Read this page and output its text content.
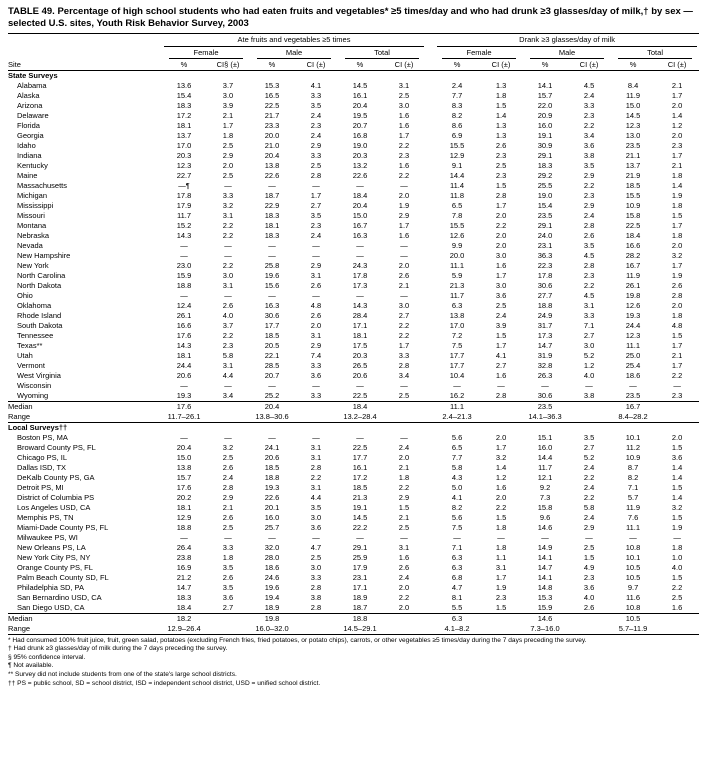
TABLE 49. Percentage of high school students who had eaten fruits and vegetables* ≥5 times/day and who had drunk ≥3 glasses/day of milk,† by sex — selected U.S. sites, Youth Risk Behavior Survey, 2003

	Ate fruits and vegetables ≥5 times							Drank ≥3 glasses/day of milk					

	Female		Male		Total			Female		Male		Total	

Site	%	CI§ (±)	%	CI (±)	%	CI (±)		%	CI (±)	%	CI (±)	%	CI (±)
State Surveys													
Alabama	13.6	3.7	15.3	4.1	14.5	3.1		2.4	1.3	14.1	4.5	8.4	2.1
Alaska	15.4	3.0	16.5	3.3	16.1	2.5		7.7	1.8	15.7	2.4	11.9	1.7
Arizona	18.3	3.9	22.5	3.5	20.4	3.0		8.3	1.5	22.0	3.3	15.0	2.0
Delaware	17.2	2.1	21.7	2.4	19.5	1.6		8.2	1.4	20.9	2.3	14.5	1.4
Florida	18.1	1.7	23.3	2.3	20.7	1.6		8.6	1.3	16.0	2.2	12.3	1.2
Georgia	13.7	1.8	20.0	2.4	16.8	1.7		6.9	1.3	19.1	3.4	13.0	2.0
Idaho	17.0	2.5	21.0	2.9	19.0	2.2		15.5	2.6	30.9	3.6	23.5	2.3
Indiana	20.3	2.9	20.4	3.3	20.3	2.3		12.9	2.3	29.1	3.8	21.1	1.7
Kentucky	12.3	2.0	13.8	2.5	13.2	1.6		9.1	2.5	18.3	3.5	13.7	2.1
Maine	22.7	2.5	22.6	2.8	22.6	2.2		14.4	2.3	29.2	2.9	21.9	1.8
Massachusetts	—¶	—	—	—	—	—		11.4	1.5	25.5	2.2	18.5	1.4
Michigan	17.8	3.3	18.7	1.7	18.4	2.0		11.8	2.8	19.0	2.3	15.5	1.9
Mississippi	17.9	3.2	22.9	2.7	20.4	1.9		6.5	1.7	15.4	2.9	10.9	1.8
Missouri	11.7	3.1	18.3	3.5	15.0	2.9		7.8	2.0	23.5	2.4	15.8	1.5
Montana	15.2	2.2	18.1	2.3	16.7	1.7		15.5	2.2	29.1	2.8	22.5	1.7
Nebraska	14.3	2.2	18.3	2.4	16.3	1.6		12.6	2.0	24.0	2.6	18.4	1.8
Nevada	—	—	—	—	—	—		9.9	2.0	23.1	3.5	16.6	2.0
New Hampshire	—	—	—	—	—	—		20.0	3.0	36.3	4.5	28.2	3.2
New York	23.0	2.2	25.8	2.9	24.3	2.0		11.1	1.6	22.3	2.8	16.7	1.7
North Carolina	15.9	3.0	19.6	3.1	17.8	2.6		5.9	1.7	17.8	2.3	11.9	1.9
North Dakota	18.8	3.1	15.6	2.6	17.3	2.1		21.3	3.0	30.6	2.2	26.1	2.6
Ohio	—	—	—	—	—	—		11.7	3.6	27.7	4.5	19.8	2.8
Oklahoma	12.4	2.6	16.3	4.8	14.3	3.0		6.3	2.5	18.8	3.1	12.6	2.0
Rhode Island	26.1	4.0	30.6	2.6	28.4	2.7		13.8	2.4	24.9	3.3	19.3	1.8
South Dakota	16.6	3.7	17.7	2.0	17.1	2.2		17.0	3.9	31.7	7.1	24.4	4.8
Tennessee	17.6	2.2	18.5	3.1	18.1	2.2		7.2	1.5	17.3	2.7	12.3	1.5
Texas**	14.3	2.3	20.5	2.9	17.5	1.7		7.5	1.7	14.7	3.0	11.1	1.7
Utah	18.1	5.8	22.1	7.4	20.3	3.3		17.7	4.1	31.9	5.2	25.0	2.1
Vermont	24.4	3.1	28.5	3.3	26.5	2.8		17.7	2.7	32.8	1.2	25.4	1.7
West Virginia	20.6	4.4	20.7	3.6	20.6	3.4		10.4	1.6	26.3	4.0	18.6	2.2
Wisconsin	—	—	—	—	—	—		—	—	—	—	—	—
Wyoming	19.3	3.4	25.2	3.3	22.5	2.5		16.2	2.8	30.6	3.8	23.5	2.3
Median	17.6		20.4		18.4			11.1		23.5		16.7	
Range	11.7–26.1		13.8–30.6		13.2–28.4			2.4–21.3		14.1–36.3		8.4–28.2	
Local Surveys††													
Boston PS, MA	—	—	—	—	—	—		5.6	2.0	15.1	3.5	10.1	2.0
Broward County PS, FL	20.4	3.2	24.1	3.1	22.5	2.4		6.5	1.7	16.0	2.7	11.2	1.5
Chicago PS, IL	15.0	2.5	20.6	3.1	17.7	2.0		7.7	3.2	14.4	5.2	10.9	3.6
Dallas ISD, TX	13.8	2.6	18.5	2.8	16.1	2.1		5.8	1.4	11.7	2.4	8.7	1.4
DeKalb County PS, GA	15.7	2.4	18.8	2.2	17.2	1.8		4.3	1.2	12.1	2.2	8.2	1.4
Detroit PS, MI	17.6	2.8	19.3	3.1	18.5	2.2		5.0	1.6	9.2	2.4	7.1	1.5
District of Columbia PS	20.2	2.9	22.6	4.4	21.3	2.9		4.1	2.0	7.3	2.2	5.7	1.4
Los Angeles USD, CA	18.1	2.1	20.1	3.5	19.1	1.5		8.2	2.2	15.8	5.8	11.9	3.2
Memphis PS, TN	12.9	2.6	16.0	3.0	14.5	2.1		5.6	1.5	9.6	2.4	7.6	1.5
Miami-Dade County PS, FL	18.8	2.5	25.7	3.6	22.2	2.5		7.5	1.8	14.6	2.9	11.1	1.9
Milwaukee PS, WI	—	—	—	—	—	—		—	—	—	—	—	—
New Orleans PS, LA	26.4	3.3	32.0	4.7	29.1	3.1		7.1	1.8	14.9	2.5	10.8	1.8
New York City PS, NY	23.8	1.8	28.0	2.5	25.9	1.6		6.3	1.1	14.1	1.5	10.1	1.0
Orange County PS, FL	16.9	3.5	18.6	3.0	17.9	2.6		6.3	3.1	14.7	4.9	10.5	4.0
Palm Beach County SD, FL	21.2	2.6	24.6	3.3	23.1	2.4		6.8	1.7	14.1	2.3	10.5	1.5
Philadelphia SD, PA	14.7	3.5	19.6	2.8	17.1	2.0		4.7	1.9	14.8	3.6	9.7	2.2
San Bernardino USD, CA	18.3	3.6	19.4	3.8	18.9	2.2		8.1	2.3	15.3	4.0	11.6	2.5
San Diego USD, CA	18.4	2.7	18.9	2.8	18.7	2.0		5.5	1.5	15.9	2.6	10.8	1.6
Median	18.2		19.8		18.8			6.3		14.6		10.5	
Range	12.9–26.4		16.0–32.0		14.5–29.1			4.1–8.2		7.3–16.0		5.7–11.9	
* Had consumed 100% fruit juice, fruit, green salad, potatoes (excluding French fries, fried potatoes, or potato chips), carrots, or other vegetables ≥5 times/day during the 7 days preceding the survey.
† Had drunk ≥3 glasses/day of milk during the 7 days preceding the survey.
§ 95% confidence interval.
¶ Not available.
** Survey did not include students from one of the state's large school districts.
†† PS = public school, SD = school district, ISD = independent school district, USD = unified school district.
